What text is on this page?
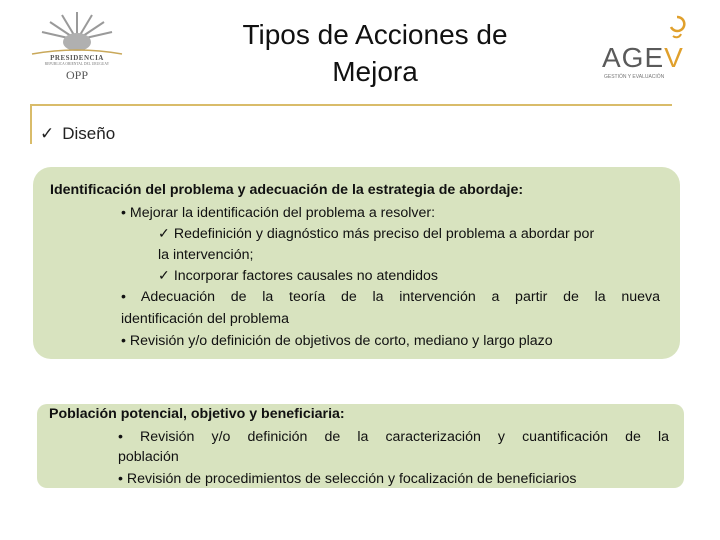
PRESIDENCIA
REPUBLICA ORIENTAL DEL URUGUAY
OPP
Tipos de Acciones de
Mejora	AGEV
GESTIÓN Y EVALUACIÓN
✓ Diseño
Identificación del problema y adecuación de la estrategia de abordaje:
• Mejorar la identificación del problema a resolver:
✓ Redefinición y diagnóstico más preciso del problema a abordar por
la intervención;
✓ Incorporar factores causales no atendidos
• Adecuación de la teoría de la intervención a partir de la nueva
identificación del problema
• Revisión y/o definición de objetivos de corto, mediano y largo plazo
Población potencial, objetivo y beneficiaria:
• Revisión y/o definición de la caracterización y cuantificación de la
población
• Revisión de procedimientos de selección y focalización de beneficiarios
